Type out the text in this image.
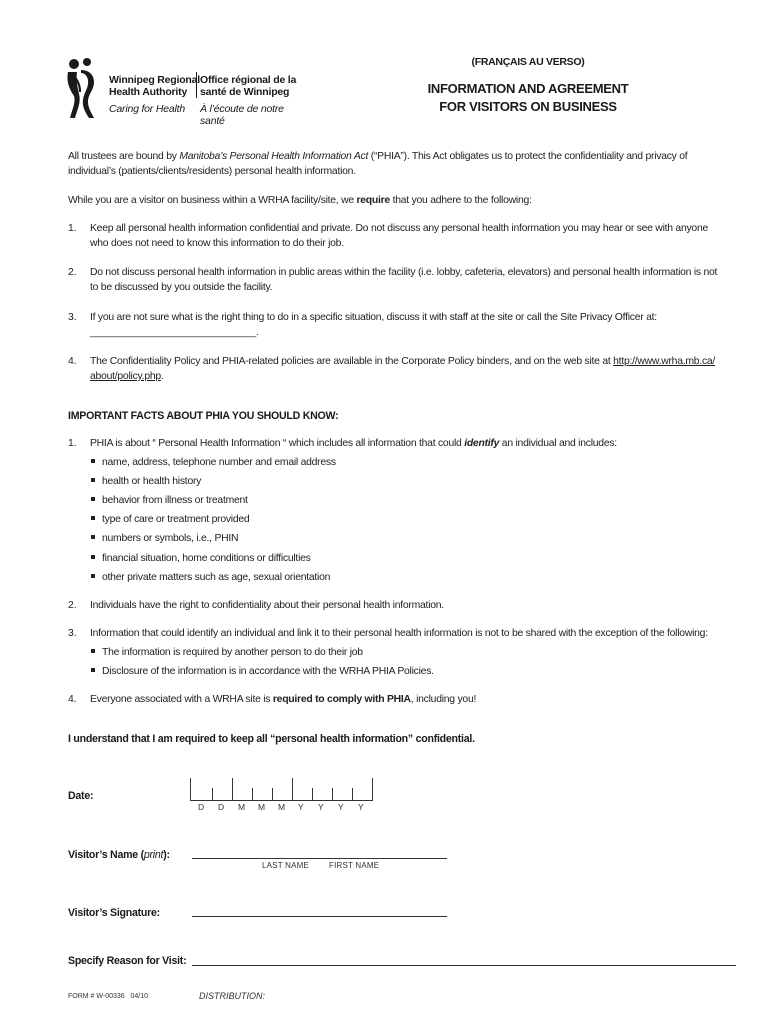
Winnipeg Regional
Health Authority
Office régional de la
santé de Winnipeg
Caring for Health À l’écoute de notre santé
(FRANÇAIS AU VERSO)
INFORMATION AND AGREEMENT
FOR VISITORS ON BUSINESS
All trustees are bound by Manitoba’s Personal Health Information Act (“PHIA”). This Act obligates us to protect the confidentiality and privacy of
individual’s (patients/clients/residents) personal health information.
While you are a visitor on business within a WRHA facility/site, we require that you adhere to the following:
1. Keep all personal health information confidential and private. Do not discuss any personal health information you may hear or see with anyone
who does not need to know this information to do their job.
2. Do not discuss personal health information in public areas within the facility (i.e. lobby, cafeteria, elevators) and personal health information is not
to be discussed by you outside the facility.
3. If you are not sure what is the right thing to do in a specific situation, discuss it with staff at the site or call the Site Privacy Officer at:
______________________________.
4. The Confidentiality Policy and PHIA-related policies are available in the Corporate Policy binders, and on the web site at http://www.wrha.mb.ca/
about/policy.php.
IMPORTANT FACTS ABOUT PHIA YOU SHOULD KNOW:
1. PHIA is about “ Personal Health Information “ which includes all information that could identify an individual and includes:
name, address, telephone number and email address
health or health history
behavior from illness or treatment
type of care or treatment provided
numbers or symbols, i.e., PHIN
financial situation, home conditions or difficulties
other private matters such as age, sexual orientation
2. Individuals have the right to confidentiality about their personal health information.
3. Information that could identify an individual and link it to their personal health information is not to be shared with the exception of the following:
The information is required by another person to do their job
Disclosure of the information is in accordance with the WRHA PHIA Policies.
4. Everyone associated with a WRHA site is required to comply with PHIA, including you!
I understand that I am required to keep all “personal health information” confidential.
Date:
D D M M M Y Y Y Y
Visitor’s Name (print):
LAST NAME	FIRST NAME
Visitor’s Signature:
Specify Reason for Visit:
FORM # W-00336 04/10	DISTRIBUTION:
